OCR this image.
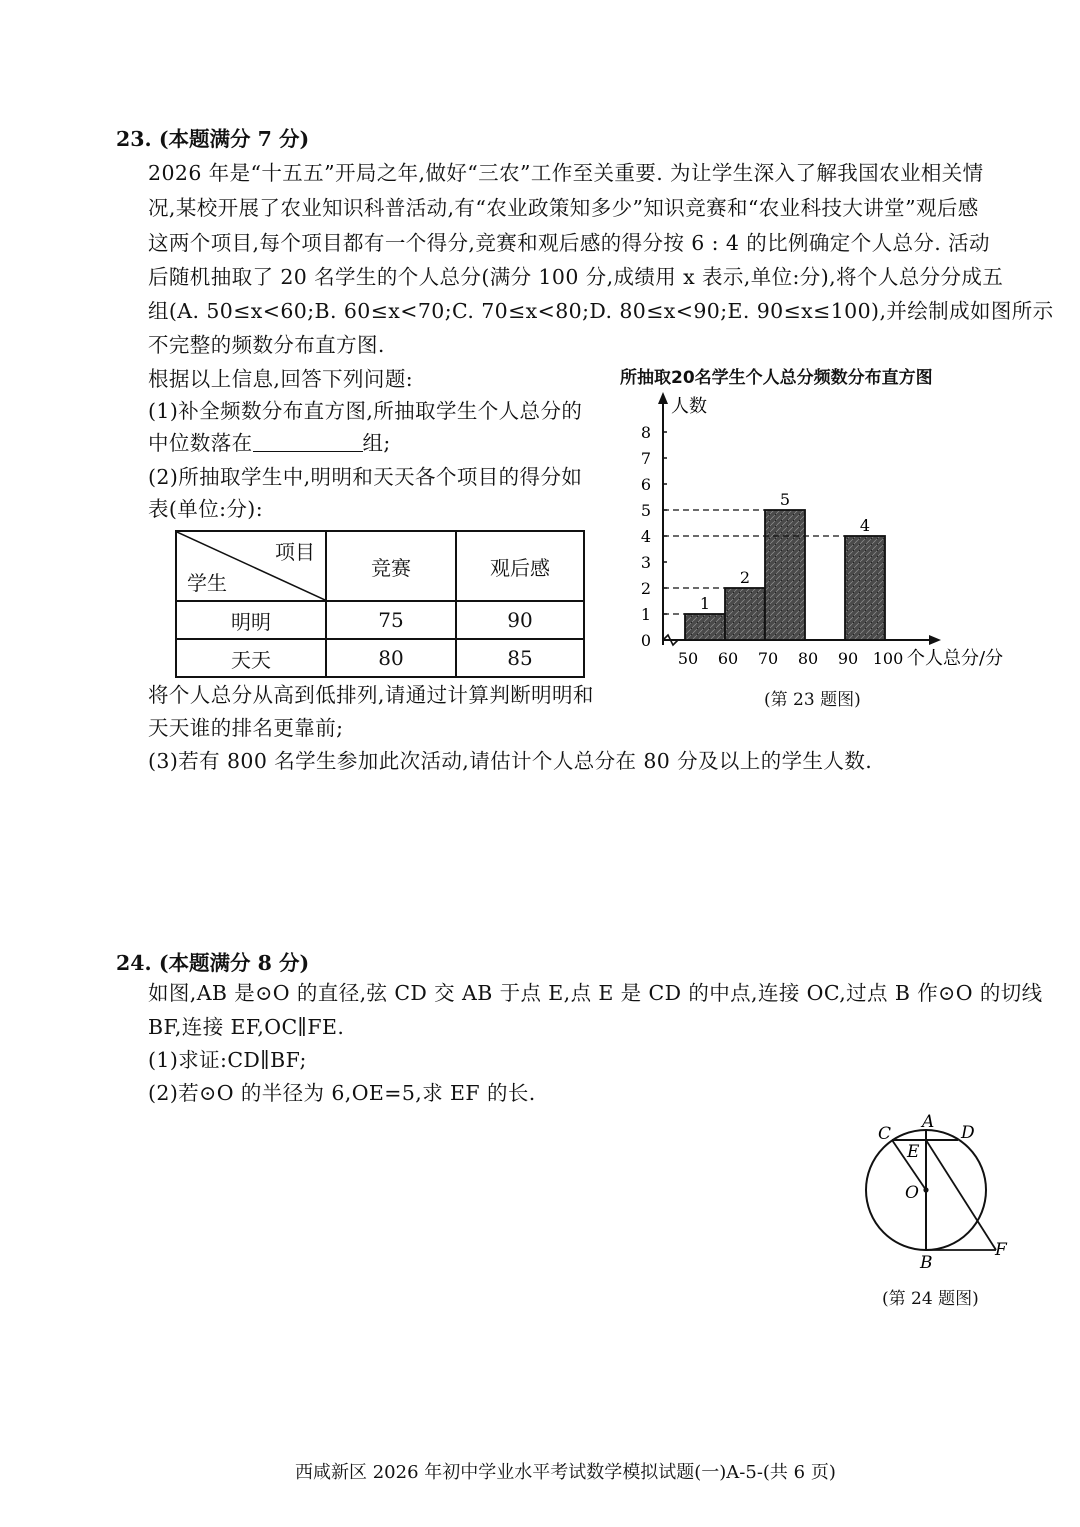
23. (本题满分 7 分)
2026 年是“十五五”开局之年,做好“三农”工作至关重要. 为让学生深入了解我国农业相关情
况,某校开展了农业知识科普活动,有“农业政策知多少”知识竞赛和“农业科技大讲堂”观后感
这两个项目,每个项目都有一个得分,竞赛和观后感的得分按 6 : 4 的比例确定个人总分. 活动
后随机抽取了 20 名学生的个人总分(满分 100 分,成绩用 x 表示,单位:分),将个人总分分成五
组(A. 50≤x<60;B. 60≤x<70;C. 70≤x<80;D. 80≤x<90;E. 90≤x≤100),并绘制成如图所示
不完整的频数分布直方图.
根据以上信息,回答下列问题:
(1)补全频数分布直方图,所抽取学生个人总分的
中位数落在	组;
(2)所抽取学生中,明明和天天各个项目的得分如
表(单位:分):
项目
学生	竞赛	观后感
明明	75	90
天天	80	85
将个人总分从高到低排列,请通过计算判断明明和
天天谁的排名更靠前;
(3)若有 800 名学生参加此次活动,请估计个人总分在 80 分及以上的学生人数.
所抽取20名学生个人总分频数分布直方图
人数
个人总分/分
0
1
2
3
4
5
6
7
8
1
2
5
4
50 60 70 80 90 100
(第 23 题图)
24. (本题满分 8 分)
如图,AB 是⊙O 的直径,弦 CD 交 AB 于点 E,点 E 是 CD 的中点,连接 OC,过点 B 作⊙O 的切线
BF,连接 EF,OC∥FE.
(1)求证:CD∥BF;
(2)若⊙O 的半径为 6,OE=5,求 EF 的长.
A
C	D
E
O
B
F
(第 24 题图)
西咸新区 2026 年初中学业水平考试数学模拟试题(一)A-5-(共 6 页)
